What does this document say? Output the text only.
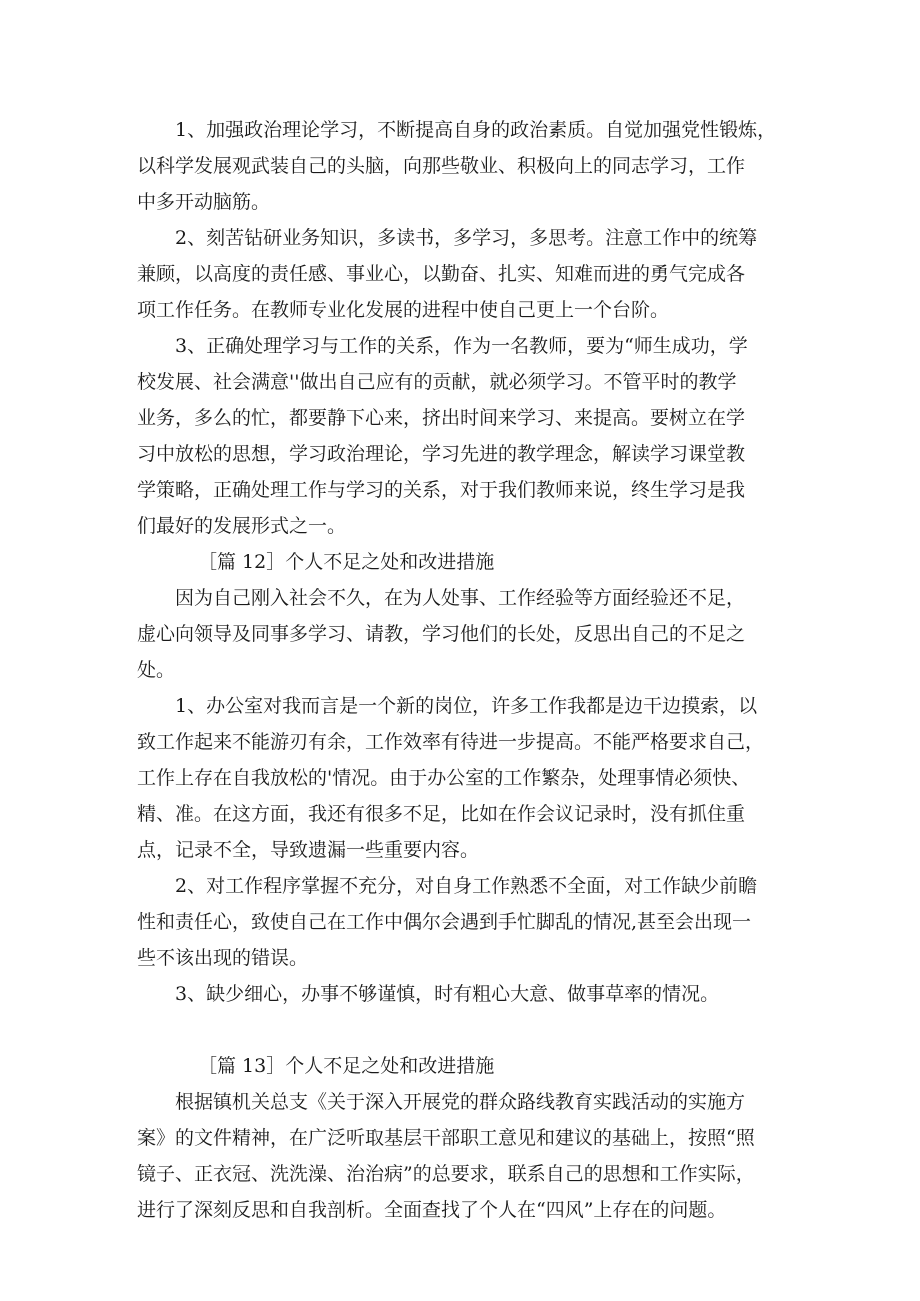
1、加强政治理论学习，不断提高自身的政治素质。自觉加强党性锻炼，
以科学发展观武装自己的头脑，向那些敬业、积极向上的同志学习，工作
中多开动脑筋。
2、刻苦钻研业务知识，多读书，多学习，多思考。注意工作中的统筹
兼顾，以高度的责任感、事业心，以勤奋、扎实、知难而进的勇气完成各
项工作任务。在教师专业化发展的进程中使自己更上一个台阶。
3、正确处理学习与工作的关系，作为一名教师，要为“师生成功，学
校发展、社会满意''做出自己应有的贡献，就必须学习。不管平时的教学
业务，多么的忙，都要静下心来，挤出时间来学习、来提高。要树立在学
习中放松的思想，学习政治理论，学习先进的教学理念，解读学习课堂教
学策略，正确处理工作与学习的关系，对于我们教师来说，终生学习是我
们最好的发展形式之一。
［篇 12］个人不足之处和改进措施
因为自己刚入社会不久，在为人处事、工作经验等方面经验还不足，
虚心向领导及同事多学习、请教，学习他们的长处，反思出自己的不足之
处。
1、办公室对我而言是一个新的岗位，许多工作我都是边干边摸索，以
致工作起来不能游刃有余，工作效率有待进一步提高。不能严格要求自己，
工作上存在自我放松的'情况。由于办公室的工作繁杂，处理事情必须快、
精、准。在这方面，我还有很多不足，比如在作会议记录时，没有抓住重
点，记录不全，导致遗漏一些重要内容。
2、对工作程序掌握不充分，对自身工作熟悉不全面，对工作缺少前瞻
性和责任心，致使自己在工作中偶尔会遇到手忙脚乱的情况,甚至会出现一
些不该出现的错误。
3、缺少细心，办事不够谨慎，时有粗心大意、做事草率的情况。
［篇 13］个人不足之处和改进措施
根据镇机关总支《关于深入开展党的群众路线教育实践活动的实施方
案》的文件精神，在广泛听取基层干部职工意见和建议的基础上，按照“照
镜子、正衣冠、洗洗澡、治治病”的总要求，联系自己的思想和工作实际，
进行了深刻反思和自我剖析。全面查找了个人在“四风”上存在的问题。
